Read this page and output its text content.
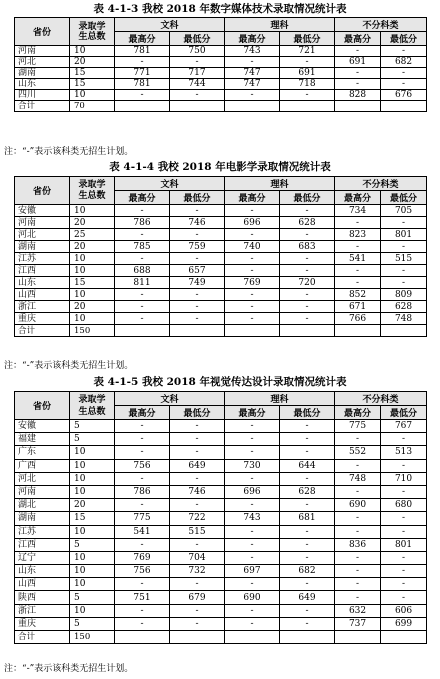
表 4-1-3 我校 2018 年数字媒体技术录取情况统计表
省份	录取学
生总数	文科		理科		不分科类	
		最高分	最低分	最高分	最低分	最高分	最低分
河南	10	781	750	743	721	-	-
河北	20	-	-	-	-	691	682
湖南	15	771	717	747	691	-	-
山东	15	781	744	747	718	-	-
四川	10	-	-	-	-	828	676
合计	70						
注：“-”表示该科类无招生计划。
表 4-1-4 我校 2018 年电影学录取情况统计表
省份	录取学
生总数	文科		理科		不分科类	
		最高分	最低分	最高分	最低分	最高分	最低分
安徽	10	-	-	-	-	734	705
河南	20	786	746	696	628	-	-
河北	25	-	-	-	-	823	801
湖南	20	785	759	740	683	-	-
江苏	10	-	-	-	-	541	515
江西	10	688	657	-	-	-	-
山东	15	811	749	769	720	-	-
山西	10	-	-	-	-	852	809
浙江	20	-	-	-	-	671	628
重庆	10	-	-	-	-	766	748
合计	150						
注：“-”表示该科类无招生计划。
表 4-1-5 我校 2018 年视觉传达设计录取情况统计表
省份	录取学
生总数	文科		理科		不分科类	
		最高分	最低分	最高分	最低分	最高分	最低分
安徽	5	-	-	-	-	775	767
福建	5	-	-	-	-	-	-
广东	10	-	-	-	-	552	513
广西	10	756	649	730	644	-	-
河北	10	-	-	-	-	748	710
河南	10	786	746	696	628	-	-
湖北	20	-	-	-	-	690	680
湖南	15	775	722	743	681	-	-
江苏	10	541	515	-	-	-	-
江西	5	-	-	-	-	836	801
辽宁	10	769	704	-	-	-	-
山东	10	756	732	697	682	-	-
山西	10	-	-	-	-	-	-
陕西	5	751	679	690	649	-	-
浙江	10	-	-	-	-	632	606
重庆	5	-	-	-	-	737	699
合计	150						
注：“-”表示该科类无招生计划。
